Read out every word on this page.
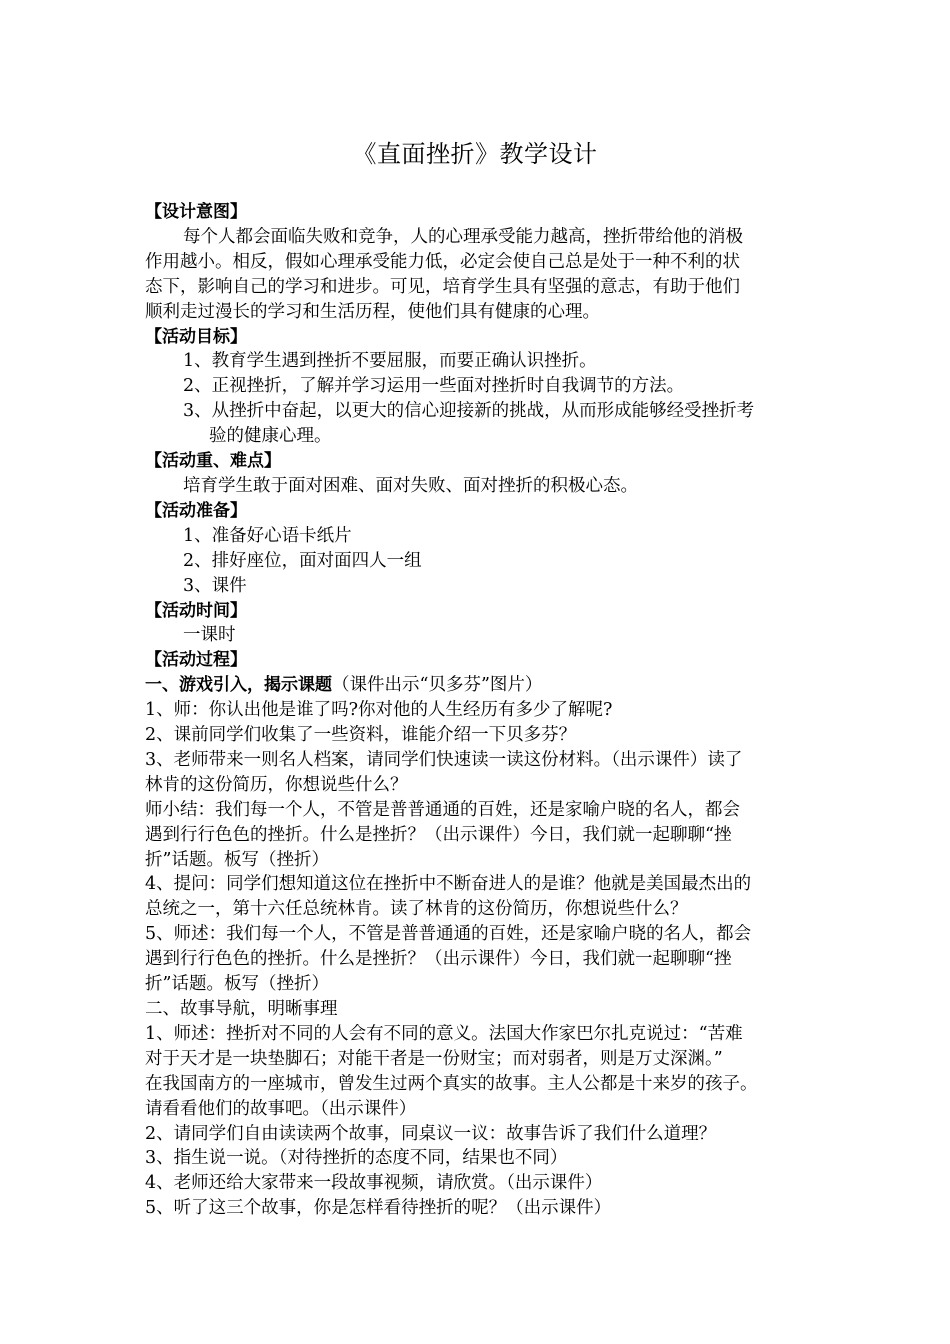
《直面挫折》教学设计
【设计意图】
每个人都会面临失败和竞争，人的心理承受能力越高，挫折带给他的消极
作用越小。相反，假如心理承受能力低，必定会使自己总是处于一种不利的状
态下，影响自己的学习和进步。可见，培育学生具有坚强的意志，有助于他们
顺利走过漫长的学习和生活历程，使他们具有健康的心理。
【活动目标】
1、教育学生遇到挫折不要屈服，而要正确认识挫折。
2、正视挫折，了解并学习运用一些面对挫折时自我调节的方法。
3、从挫折中奋起，以更大的信心迎接新的挑战，从而形成能够经受挫折考
验的健康心理。
【活动重、难点】
培育学生敢于面对困难、面对失败、面对挫折的积极心态。
【活动准备】
1、准备好心语卡纸片
2、排好座位，面对面四人一组
3、课件
【活动时间】
一课时
【活动过程】
一、游戏引入，揭示课题（课件出示“贝多芬”图片）
1、师：你认出他是谁了吗?你对他的人生经历有多少了解呢?
2、课前同学们收集了一些资料，谁能介绍一下贝多芬？
3、老师带来一则名人档案，请同学们快速读一读这份材料。（出示课件）读了
林肯的这份简历，你想说些什么？
师小结：我们每一个人，不管是普普通通的百姓，还是家喻户晓的名人，都会
遇到行行色色的挫折。什么是挫折？（出示课件）今日，我们就一起聊聊“挫
折”话题。板写（挫折）
4、提问：同学们想知道这位在挫折中不断奋进人的是谁？他就是美国最杰出的
总统之一，第十六任总统林肯。读了林肯的这份简历，你想说些什么？
5、师述：我们每一个人，不管是普普通通的百姓，还是家喻户晓的名人，都会
遇到行行色色的挫折。什么是挫折？（出示课件）今日，我们就一起聊聊“挫
折”话题。板写（挫折）
二、故事导航，明晰事理
1、师述：挫折对不同的人会有不同的意义。法国大作家巴尔扎克说过：“苦难
对于天才是一块垫脚石；对能干者是一份财宝；而对弱者，则是万丈深渊。”
在我国南方的一座城市，曾发生过两个真实的故事。主人公都是十来岁的孩子。
请看看他们的故事吧。（出示课件）
2、请同学们自由读读两个故事，同桌议一议：故事告诉了我们什么道理？
3、指生说一说。（对待挫折的态度不同，结果也不同）
4、老师还给大家带来一段故事视频，请欣赏。（出示课件）
5、听了这三个故事，你是怎样看待挫折的呢？（出示课件）
